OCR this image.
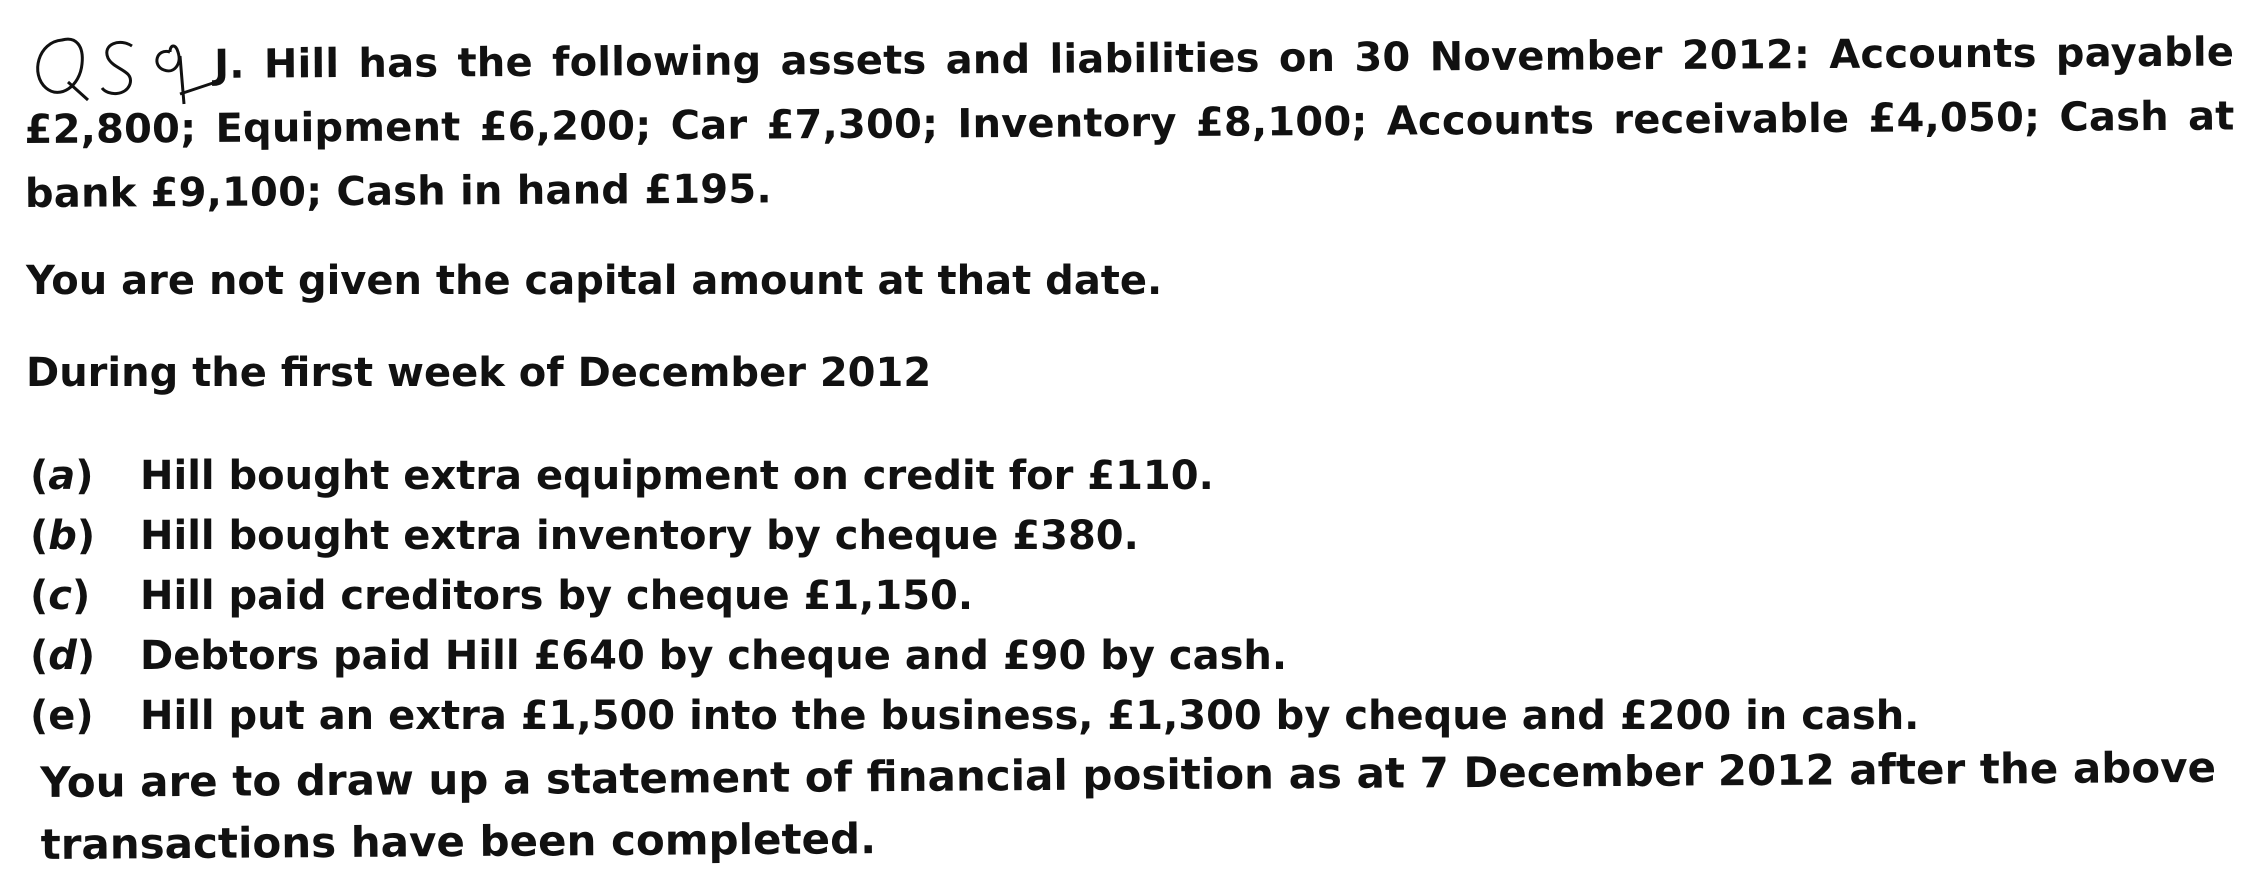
J. Hill has the following assets and liabilities on 30 November 2012: Accounts payable £2,800; Equipment £6,200; Car £7,300; Inventory £8,100; Accounts receivable £4,050; Cash at bank £9,100; Cash in hand £195.
You are not given the capital amount at that date.
During the first week of December 2012
(a) Hill bought extra equipment on credit for £110.
(b) Hill bought extra inventory by cheque £380.
(c) Hill paid creditors by cheque £1,150.
(d) Debtors paid Hill £640 by cheque and £90 by cash.
(e) Hill put an extra £1,500 into the business, £1,300 by cheque and £200 in cash.
You are to draw up a statement of financial position as at 7 December 2012 after the above transactions have been completed.
